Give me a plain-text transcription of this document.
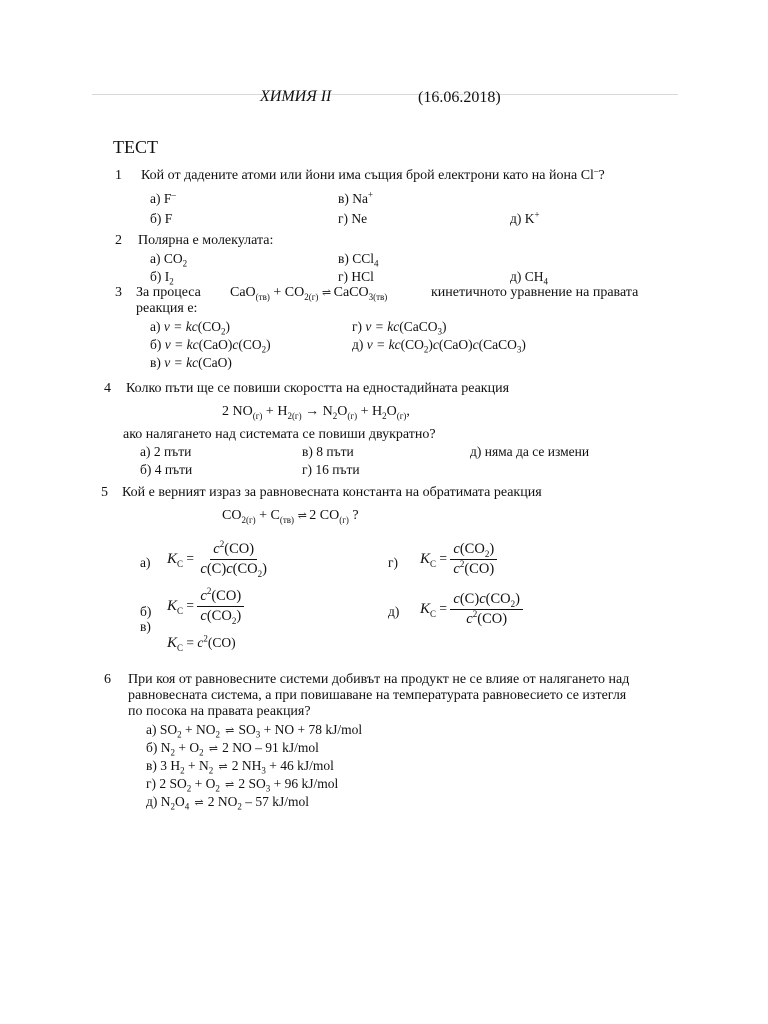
ХИМИЯ II	(16.06.2018)
ТЕСТ
1 Кой от дадените атоми или йони има същия брой електрони като на йона Cl–?
а) F–	в) Na+
б) F	г) Ne	д) K+
2 Полярна е молекулата:
а) $CO_2$	в) CCl$_4$
б) $I_2$	г) HCl	д) $CH_4$
3 За процеса $CaO_{(тв)} + CO_{2(г)}$ ⇌ CaCO$_{3(тв)}$	кинетичното уравнение на правата
реакция е:
а) $v = kc(CO_2)$	г) v = kc(CaCO$_3$)
б) $v = kc(CaO)c(CO_2)$	д) $v = kc(CO_2)c(CaO)c(CaCO_3)$
в) v = kc(CaO)
4 Колко пъти ще се повиши скоростта на едностадийната реакция
2 $NO_{(г)} + H_{2(г)} \to N_2O_{(г)} + H_2O_{(г)}$,
ако налягането над системата се повиши двукратно?
а) 2 пъти	в) 8 пъти	д) няма да се измени
б) 4 пъти	г) 16 пъти
5 Кой е верният израз за равновесната константа на обратимата реакция
$CO_{2(г)} + C_{(тв)}$ ⇌ 2 $CO_{(г)}$ ?
а) $K_C = \frac{c^2(CO)}{c(C)c(CO_2)}$	г) $K_C = \frac{c(CO_2)}{c^2(CO)}$
б) $K_C = \frac{c^2(CO)}{c(CO_2)}$	д) $K_C = \frac{c(C)c(CO_2)}{c^2(CO)}$
в)
$K_C = c^2(CO)$
6 При коя от равновесните системи добивът на продукт не се влияе от налягането над
равновесната система, а при повишаване на температурата равновесието се изтегля
по посока на правата реакция?
а) $SO_2 + NO_2$  ⇌  $SO_3$ + NO + 78 kJ/mol
б) $N_2 + O_2$  ⇌  2 NO – 91 kJ/mol
в) 3 $H_2 + N_2$  ⇌  2 $NH_3 + 46$ kJ/mol
г) 2 $SO_2 + O_2$  ⇌  2 $SO_3 + 96$ kJ/mol
д) $N_2O_4$  ⇌  2 $NO_2 - 57$ kJ/mol
